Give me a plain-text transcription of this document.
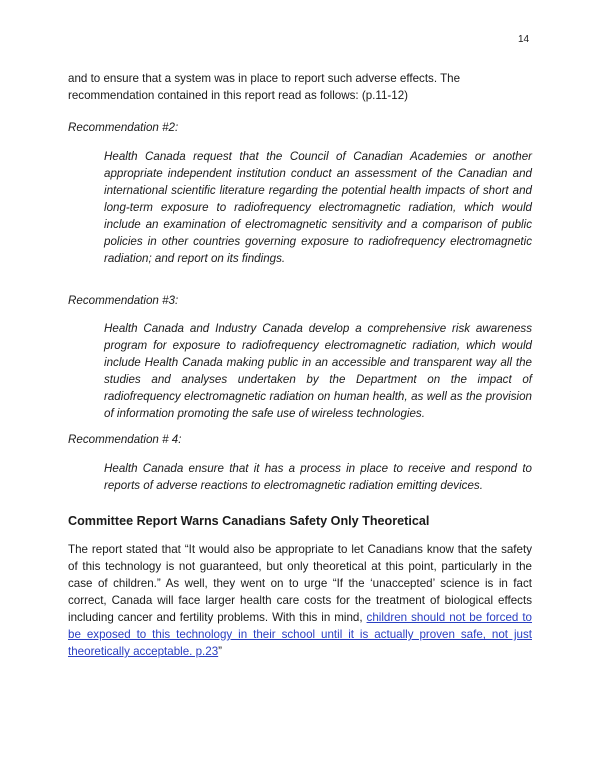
14

and to ensure that a system was in place to report such adverse effects. The recommendation contained in this report read as follows: (p.11-12)

Recommendation #2:

Health Canada request that the Council of Canadian Academies or another appropriate independent institution conduct an assessment of the Canadian and international scientific literature regarding the potential health impacts of short and long-term exposure to radiofrequency electromagnetic radiation, which would include an examination of electromagnetic sensitivity and a comparison of public policies in other countries governing exposure to radiofrequency electromagnetic radiation; and report on its findings.

Recommendation #3:

Health Canada and Industry Canada develop a comprehensive risk awareness program for exposure to radiofrequency electromagnetic radiation, which would include Health Canada making public in an accessible and transparent way all the studies and analyses undertaken by the Department on the impact of radiofrequency electromagnetic radiation on human health, as well as the provision of information promoting the safe use of wireless technologies.

Recommendation # 4:

Health Canada ensure that it has a process in place to receive and respond to reports of adverse reactions to electromagnetic radiation emitting devices.

Committee Report Warns Canadians Safety Only Theoretical

The report stated that “It would also be appropriate to let Canadians know that the safety of this technology is not guaranteed, but only theoretical at this point, particularly in the case of children.” As well, they went on to urge “If the ‘unaccepted’ science is in fact correct, Canada will face larger health care costs for the treatment of biological effects including cancer and fertility problems. With this in mind, children should not be forced to be exposed to this technology in their school until it is actually proven safe, not just theoretically acceptable. p.23”
